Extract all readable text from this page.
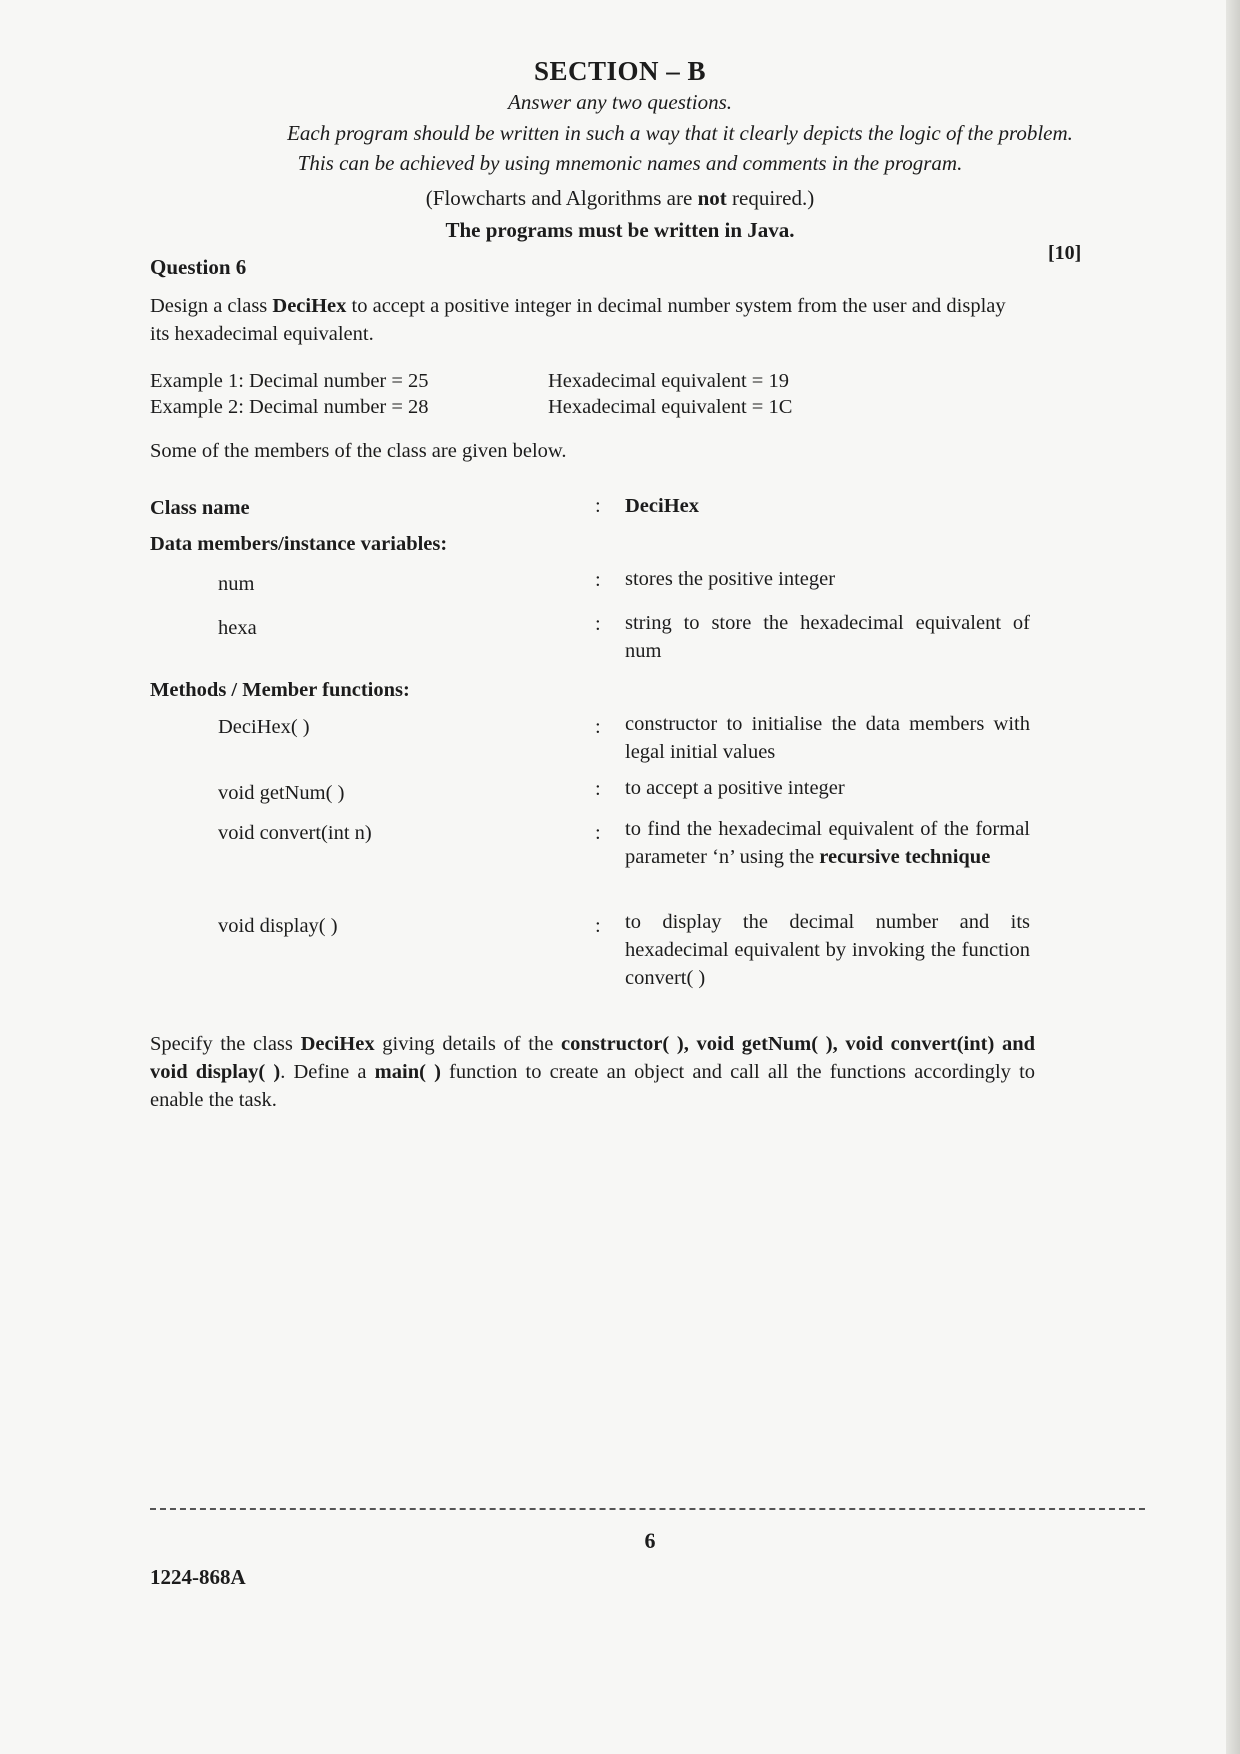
SECTION – B
Answer any two questions.
Each program should be written in such a way that it clearly depicts the logic of the problem.
This can be achieved by using mnemonic names and comments in the program.
(Flowcharts and Algorithms are not required.)
The programs must be written in Java.
Question 6
[10]
Design a class DeciHex to accept a positive integer in decimal number system from the user and display its hexadecimal equivalent.
Example 1: Decimal number = 25	Hexadecimal equivalent = 19
Example 2: Decimal number = 28	Hexadecimal equivalent = 1C
Some of the members of the class are given below.
Class name	: DeciHex
Data members/instance variables:
num	: stores the positive integer
hexa	: string to store the hexadecimal equivalent of num
Methods / Member functions:
DeciHex( )	: constructor to initialise the data members with legal initial values
void getNum( )	: to accept a positive integer
void convert(int n)	: to find the hexadecimal equivalent of the formal parameter ‘n’ using the recursive technique
void display( )	: to display the decimal number and its hexadecimal equivalent by invoking the function convert( )
Specify the class DeciHex giving details of the constructor( ), void getNum( ), void convert(int) and void display( ). Define a main( ) function to create an object and call all the functions accordingly to enable the task.
6
1224-868A
